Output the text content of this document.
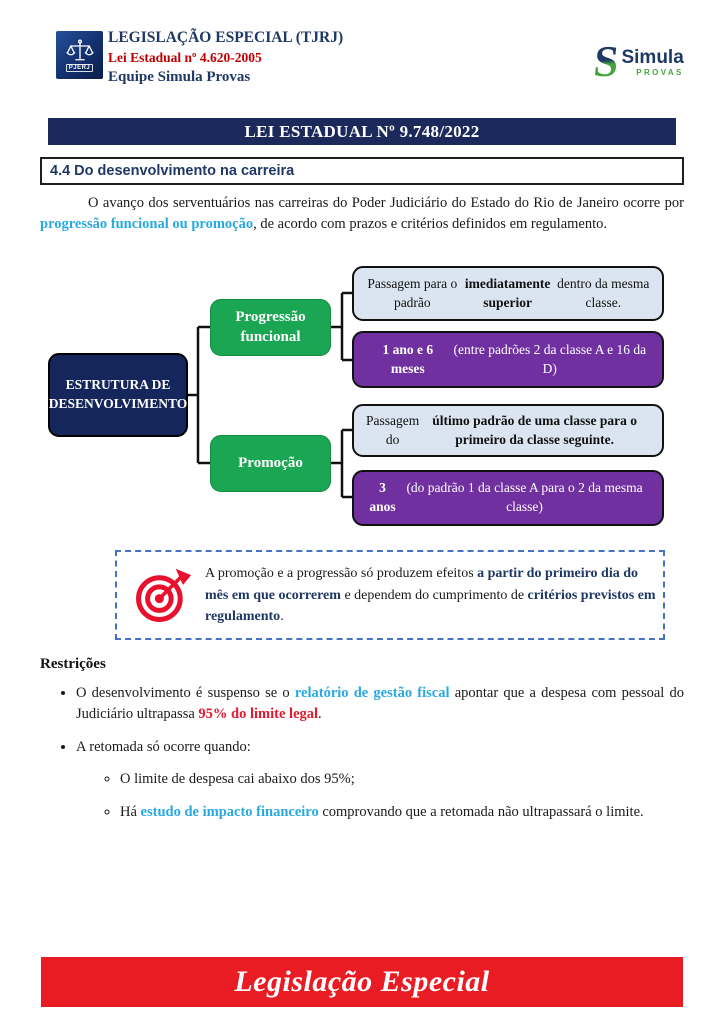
PJERJ
LEGISLAÇÃO ESPECIAL (TJRJ)
Lei Estadual nº 4.620-2005
Equipe Simula Provas	S Simula
PROVAS
LEI ESTADUAL Nº 9.748/2022
4.4 Do desenvolvimento na carreira

O avanço dos serventuários nas carreiras do Poder Judiciário do Estado do Rio de Janeiro ocorre por progressão funcional ou promoção, de acordo com prazos e critérios definidos em regulamento.

ESTRUTURA DE DESENVOLVIMENTO
Progressão funcional
Promoção
Passagem para o padrão
imediatamente superior
dentro da mesma classe.
1 ano e 6 meses
(entre padrões 2 da classe A e 16 da D)
Passagem do
último padrão de uma classe para o primeiro da classe seguinte.
3 anos
(do padrão 1 da classe A para o 2 da mesma classe)

A promoção e a progressão só produzem efeitos a partir do primeiro dia do mês em que ocorrerem e dependem do cumprimento de critérios previstos em regulamento.

Restrições
• O desenvolvimento é suspenso se o relatório de gestão fiscal apontar que a despesa com pessoal do Judiciário ultrapassa 95% do limite legal.
• A retomada só ocorre quando:
◦ O limite de despesa cai abaixo dos 95%;
◦ Há estudo de impacto financeiro comprovando que a retomada não ultrapassará o limite.
Legislação Especial
